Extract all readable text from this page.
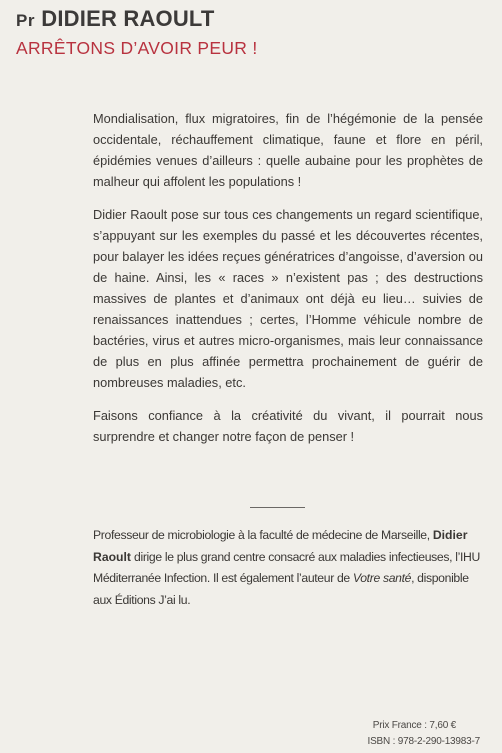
Pr DIDIER RAOULT
ARRÊTONS D’AVOIR PEUR !

Mondialisation, flux migratoires, fin de l’hégémonie de la pensée occidentale, réchauffement climatique, faune et flore en péril, épidémies venues d’ailleurs : quelle aubaine pour les prophètes de malheur qui affolent les populations !

Didier Raoult pose sur tous ces changements un regard scientifique, s’appuyant sur les exemples du passé et les découvertes récentes, pour balayer les idées reçues génératrices d’angoisse, d’aversion ou de haine. Ainsi, les « races » n’existent pas ; des destructions massives de plantes et d’animaux ont déjà eu lieu… suivies de renaissances inattendues ; certes, l’Homme véhicule nombre de bactéries, virus et autres micro-organismes, mais leur connaissance de plus en plus affinée permettra prochainement de guérir de nombreuses maladies, etc.

Faisons confiance à la créativité du vivant, il pourrait nous surprendre et changer notre façon de penser !

Professeur de microbiologie à la faculté de médecine de Marseille, Didier Raoult dirige le plus grand centre consacré aux maladies infectieuses, l’IHU Méditerranée Infection. Il est également l’auteur de Votre santé, disponible aux Éditions J’ai lu.
Prix France : 7,60 €
ISBN : 978-2-290-13983-7
